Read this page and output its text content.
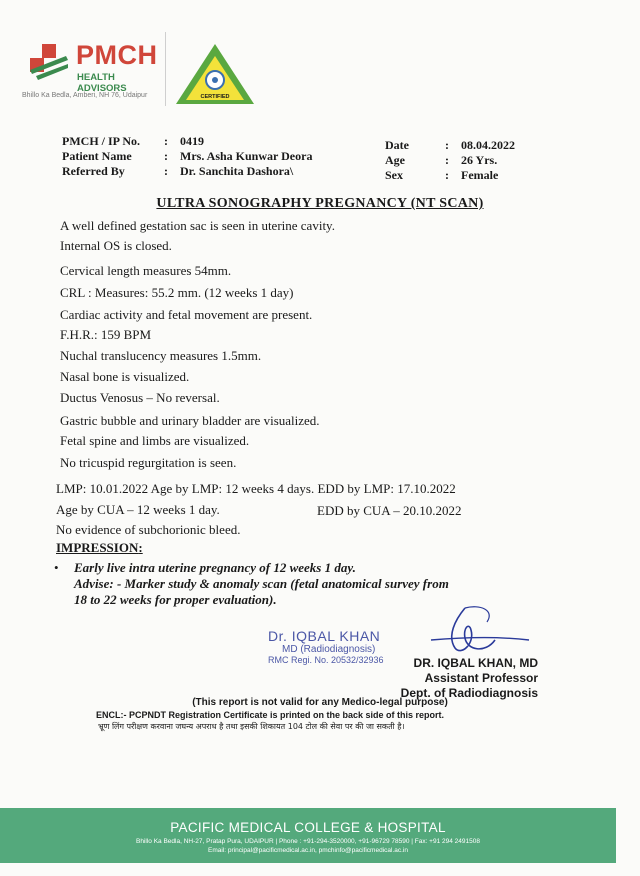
PMCH
HEALTH ADVISORS
Bhillo Ka Bedla, Amberi, NH 76, Udaipur	CERTIFIED
PMCH / IP No.	:	0419
Patient Name	:	Mrs. Asha Kunwar Deora
Referred By	:	Dr. Sanchita Dashora\
Date	:	08.04.2022
Age	:	26 Yrs.
Sex	:	Female
ULTRA SONOGRAPHY PREGNANCY (NT SCAN)
A well defined gestation sac is seen in uterine cavity.
Internal OS is closed.
Cervical length measures 54mm.
CRL : Measures: 55.2 mm. (12 weeks 1 day)
Cardiac activity and fetal movement are present.
F.H.R.: 159 BPM
Nuchal translucency measures 1.5mm.
Nasal bone is visualized.
Ductus Venosus – No reversal.
Gastric bubble and urinary bladder are visualized.
Fetal spine and limbs are visualized.
No tricuspid regurgitation is seen.
LMP: 10.01.2022 Age by LMP: 12 weeks 4 days. EDD by LMP: 17.10.2022
Age by CUA – 12 weeks 1 day.	EDD by CUA – 20.10.2022
No evidence of subchorionic bleed.
IMPRESSION:
• Early live intra uterine pregnancy of 12 weeks 1 day.
Advise: - Marker study & anomaly scan (fetal anatomical survey from
18 to 22 weeks for proper evaluation).
Dr. IQBAL KHAN
MD (Radiodiagnosis)
RMC Regi. No. 20532/32936	DR. IQBAL KHAN, MD
Assistant Professor
Dept. of Radiodiagnosis
(This report is not valid for any Medico-legal purpose)
ENCL:- PCPNDT Registration Certificate is printed on the back side of this report.
भ्रूण लिंग परीक्षण करवाना जघन्य अपराध है तथा इसकी शिकायत 104 टोल की सेवा पर की जा सकती है।
PACIFIC MEDICAL COLLEGE & HOSPITAL
Bhillo Ka Bedla, NH-27, Pratap Pura, UDAIPUR | Phone : +91-294-3520000, +91-96729 78590 | Fax: +91 294 2491508
Email: principal@pacificmedical.ac.in, pmchinfo@pacificmedical.ac.in
